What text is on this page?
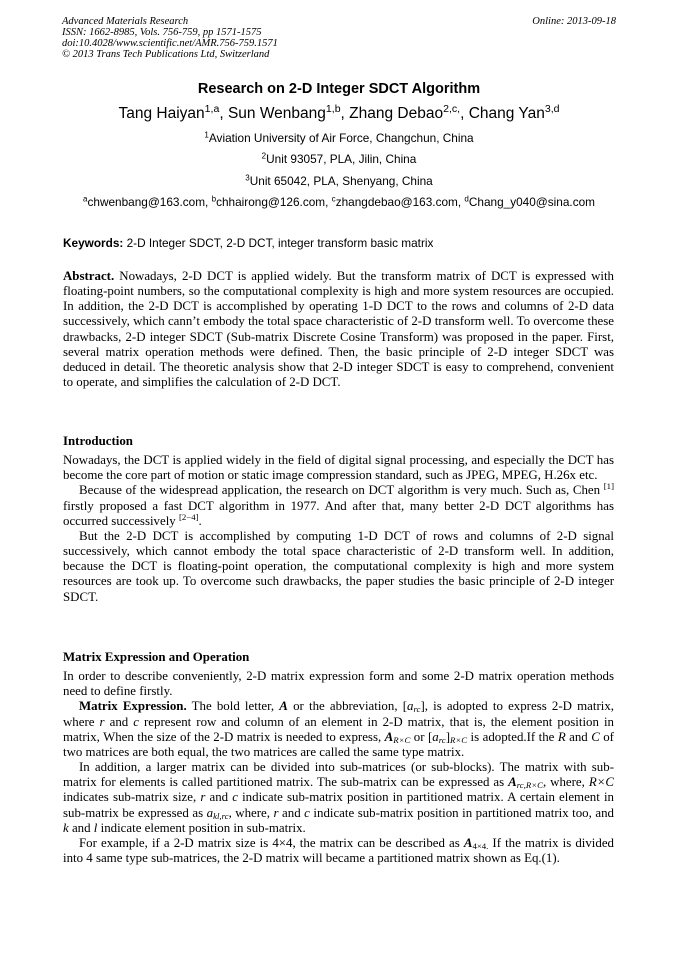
Advanced Materials Research
ISSN: 1662-8985, Vols. 756-759, pp 1571-1575
doi:10.4028/www.scientific.net/AMR.756-759.1571
© 2013 Trans Tech Publications Ltd, Switzerland
Online: 2013-09-18
Research on 2-D Integer SDCT Algorithm
Tang Haiyan$^{1,a}$, Sun Wenbang$^{1,b}$, Zhang Debao$^{2,c,}$, Chang Yan$^{3,d}$
$^1$Aviation University of Air Force, Changchun, China
$^2$Unit 93057, PLA, Jilin, China
$^3$Unit 65042, PLA, Shenyang, China
$^a$chwenbang@163.com, $^b$chhairong@126.com, $^c$zhangdebao@163.com, $^d$Chang_y040@sina.com
Keywords: 2-D Integer SDCT, 2-D DCT, integer transform basic matrix

Abstract. Nowadays, 2-D DCT is applied widely. But the transform matrix of DCT is expressed with floating-point numbers, so the computational complexity is high and more system resources are occupied. In addition, the 2-D DCT is accomplished by operating 1-D DCT to the rows and columns of 2-D data successively, which cann’t embody the total space characteristic of 2-D transform well. To overcome these drawbacks, 2-D integer SDCT (Sub-matrix Discrete Cosine Transform) was proposed in the paper. First, several matrix operation methods were defined. Then, the basic principle of 2-D integer SDCT was deduced in detail. The theoretic analysis show that 2-D integer SDCT is easy to comprehend, convenient to operate, and simplifies the calculation of 2-D DCT.

Introduction

Nowadays, the DCT is applied widely in the field of digital signal processing, and especially the DCT has become the core part of motion or static image compression standard, such as JPEG, MPEG, H.26x etc.

Because of the widespread application, the research on DCT algorithm is very much. Such as, Chen [1] firstly proposed a fast DCT algorithm in 1977. And after that, many better 2-D DCT algorithms has occurred successively [2−4].

But the 2-D DCT is accomplished by computing 1-D DCT of rows and columns of 2-D signal successively, which cannot embody the total space characteristic of 2-D transform well. In addition, because the DCT is floating-point operation, the computational complexity is high and more system resources are took up. To overcome such drawbacks, the paper studies the basic principle of 2-D integer SDCT.

Matrix Expression and Operation

In order to describe conveniently, 2-D matrix expression form and some 2-D matrix operation methods need to define firstly.

Matrix Expression. The bold letter, A or the abbreviation, $[a_{rc}]$, is adopted to express 2-D matrix, where r and c represent row and column of an element in 2-D matrix, that is, the element position in matrix, When the size of the 2-D matrix is needed to express, $A_{R\times C}$ or $[a_{rc}]_{R\times C}$ is adopted.If the R and C of two matrices are both equal, the two matrices are called the same type matrix.

In addition, a larger matrix can be divided into sub-matrices (or sub-blocks). The matrix with sub-matrix for elements is called partitioned matrix. The sub-matrix can be expressed as $A_{rc,R\times C}$, where, R×C indicates sub-matrix size, r and c indicate sub-matrix position in partitioned matrix. A certain element in sub-matrix be expressed as $a_{kl,rc}$, where, r and c indicate sub-matrix position in partitioned matrix too, and k and l indicate element position in sub-matrix.

For example, if a 2-D matrix size is 4×4, the matrix can be described as $A_{4\times 4.}$ If the matrix is divided into 4 same type sub-matrices, the 2-D matrix will became a partitioned matrix shown as Eq.(1).
